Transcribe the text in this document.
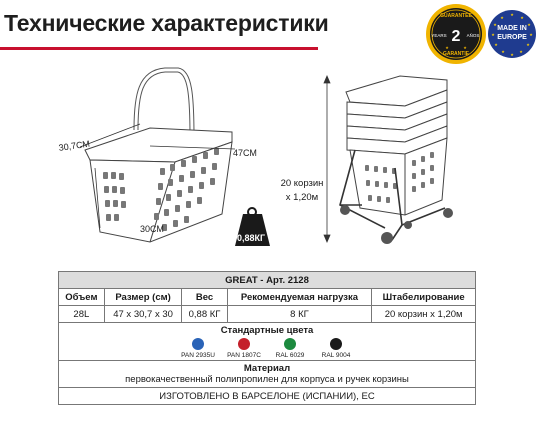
Технические характеристики	GUARANTEE
YEARS 2 AÑOS
GARANTIE
★	★
MADE IN
EUROPE
★
★
★
★
★
★
★
★
★
★
★
★
30,7СМ
47СМ
30СМ
0,88КГ
20 корзин
х 1,20м
GREAT - Арт. 2128				
Объем	Размер (см)	Вес	Рекомендуемая нагрузка	Штабелирование
28L	47 х 30,7 х 30	0,88 КГ	8 КГ	20 корзин х 1,20м

Стандартные цвета
PAN 2935U PAN 1807C RAL 6029 RAL 9004				

Материал
первокачественный полипропилен для корпуса и ручек корзины				

ИЗГОТОВЛЕНО В БАРСЕЛОНЕ (ИСПАНИИ), ЕС				
